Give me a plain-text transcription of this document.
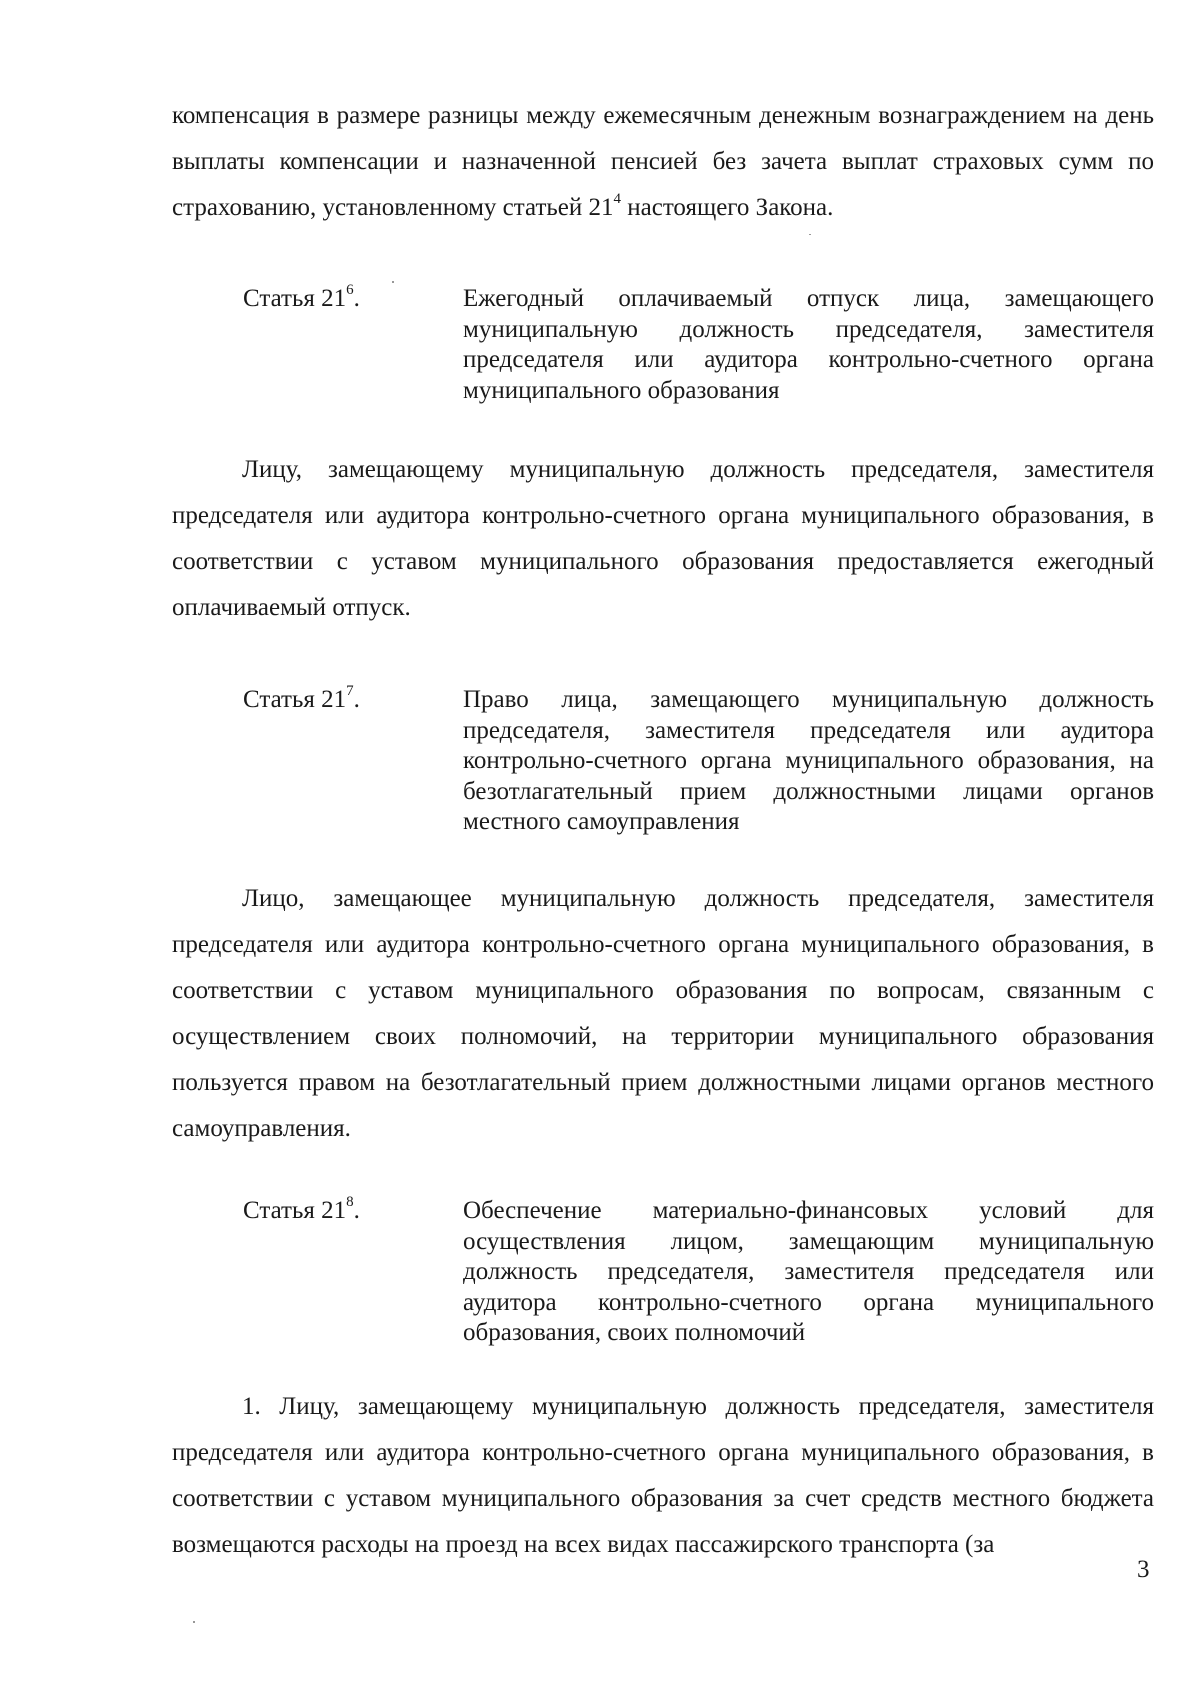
компенсация в размере разницы между ежемесячным денежным вознаграждением на день выплаты компенсации и назначенной пенсией без зачета выплат страховых сумм по страхованию, установленному статьей $21^4$ настоящего Закона.

Статья $21^6$.	Ежегодный оплачиваемый отпуск лица, замещающего муниципальную должность председателя, заместителя председателя или аудитора контрольно-счетного органа муниципального образования

Лицу, замещающему муниципальную должность председателя, заместителя председателя или аудитора контрольно-счетного органа муниципального образования, в соответствии с уставом муниципального образования предоставляется ежегодный оплачиваемый отпуск.

Статья $21^7$.	Право лица, замещающего муниципальную должность председателя, заместителя председателя или аудитора контрольно-счетного органа муниципального образования, на безотлагательный прием должностными лицами органов местного самоуправления

Лицо, замещающее муниципальную должность председателя, заместителя председателя или аудитора контрольно-счетного органа муниципального образования, в соответствии с уставом муниципального образования по вопросам, связанным с осуществлением своих полномочий, на территории муниципального образования пользуется правом на безотлагательный прием должностными лицами органов местного самоуправления.

Статья $21^8$.	Обеспечение материально-финансовых условий для осуществления лицом, замещающим муниципальную должность председателя, заместителя председателя или аудитора контрольно-счетного органа муниципального образования, своих полномочий

1. Лицу, замещающему муниципальную должность председателя, заместителя председателя или аудитора контрольно-счетного органа муниципального образования, в соответствии с уставом муниципального образования за счет средств местного бюджета возмещаются расходы на проезд на всех видах пассажирского транспорта (за

3
